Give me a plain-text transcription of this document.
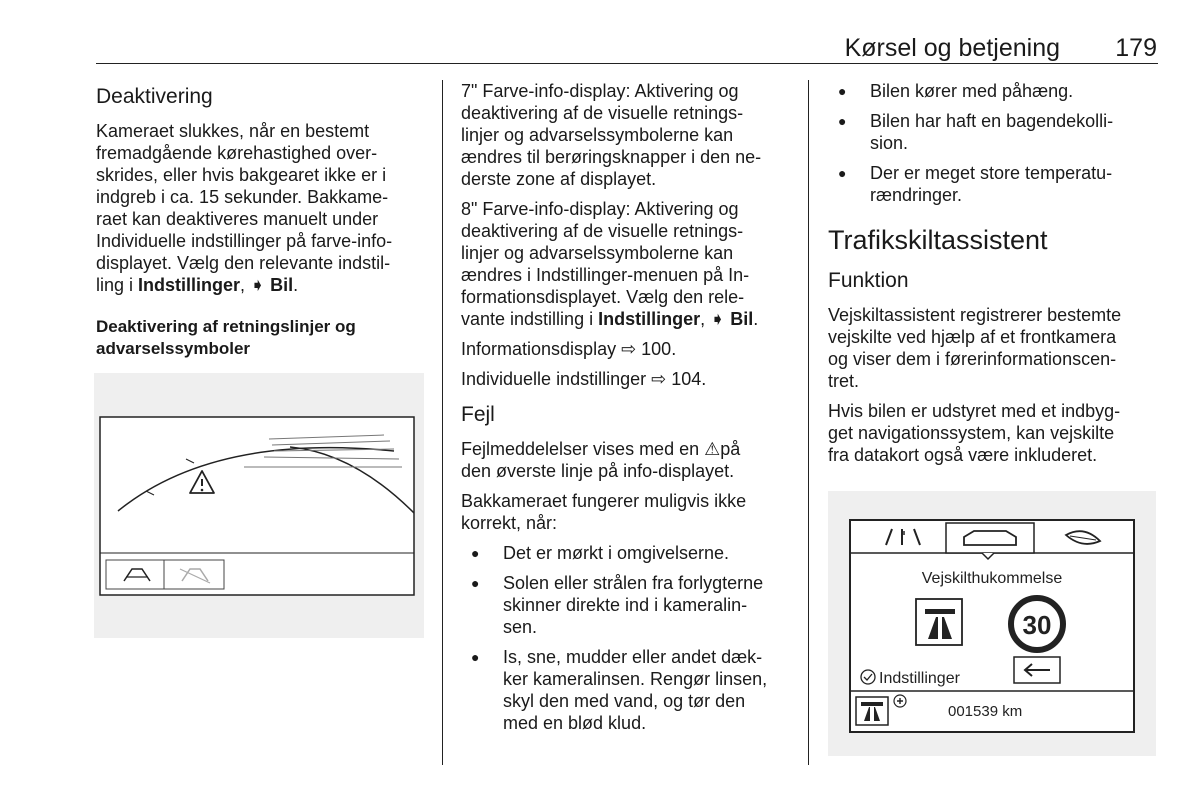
Kørsel og betjening 179
Deaktivering
Kameraet slukkes, når en bestemt
fremadgående kørehastighed over-
skrides, eller hvis bakgearet ikke er i
indgreb i ca. 15 sekunder. Bakkame-
raet kan deaktiveres manuelt under
Individuelle indstillinger på farve-info-
displayet. Vælg den relevante indstil-
ling i Indstillinger, ➧ Bil.
Deaktivering af retningslinjer og
advarselssymboler
7" Farve-info-display: Aktivering og
deaktivering af de visuelle retnings-
linjer og advarselssymbolerne kan
ændres til berøringsknapper i den ne-
derste zone af displayet.
8" Farve-info-display: Aktivering og
deaktivering af de visuelle retnings-
linjer og advarselssymbolerne kan
ændres i Indstillinger-menuen på In-
formationsdisplayet. Vælg den rele-
vante indstilling i Indstillinger, ➧ Bil.
Informationsdisplay ⇨ 100.
Individuelle indstillinger ⇨ 104.
Fejl
Fejlmeddelelser vises med en ⚠på
den øverste linje på info-displayet.
Bakkameraet fungerer muligvis ikke
korrekt, når:
● Det er mørkt i omgivelserne.
● Solen eller strålen fra forlygterne
skinner direkte ind i kameralin-
sen.
● Is, sne, mudder eller andet dæk-
ker kameralinsen. Rengør linsen,
skyl den med vand, og tør den
med en blød klud.
● Bilen kører med påhæng.
● Bilen har haft en bagendekolli-
sion.
● Der er meget store temperatu-
rændringer.
Trafikskiltassistent
Funktion
Vejskiltassistent registrerer bestemte
vejskilte ved hjælp af et frontkamera
og viser dem i førerinformationscen-
tret.
Hvis bilen er udstyret med et indbyg-
get navigationssystem, kan vejskilte
fra datakort også være inkluderet.
Vejskilthukommelse
30
Indstillinger
001539 km
